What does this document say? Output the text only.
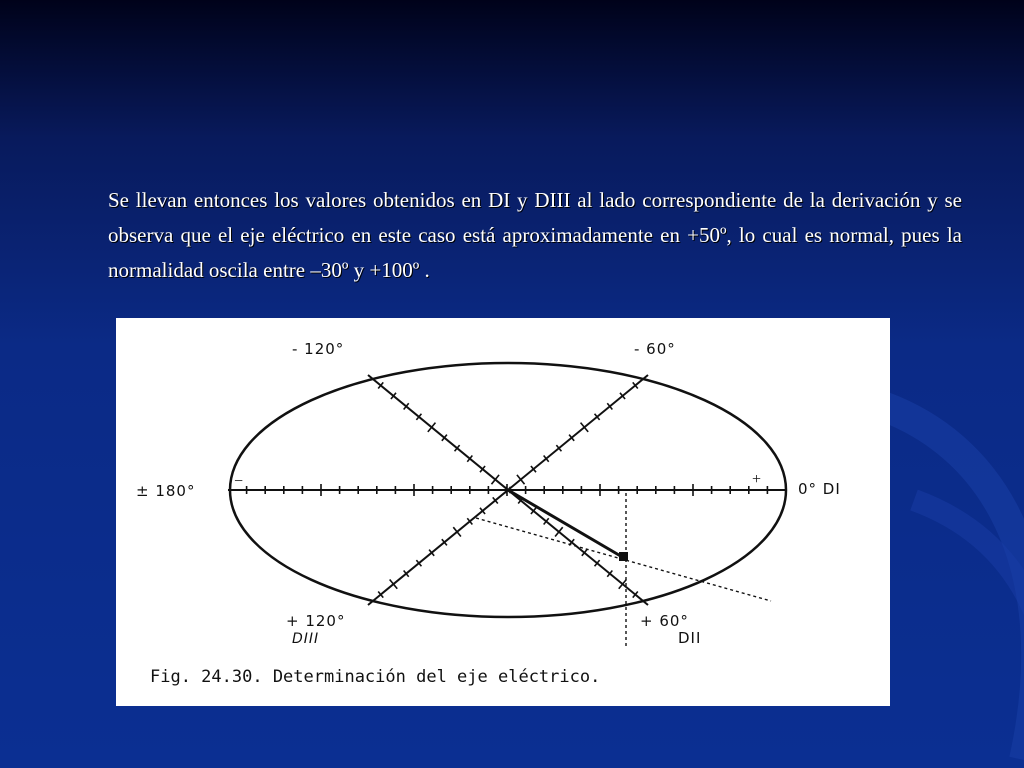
Se llevan entonces los valores obtenidos en DI y DIII al lado correspondiente de la derivación y se observa que el eje eléctrico en este caso está aproximadamente en +50º, lo cual es normal, pues la normalidad oscila entre –30º y +100º .

−	+
- 120°	- 60°
± 180°	0° DI
+ 120°
DIII
+ 60°
DII
Fig. 24.30. Determinación del eje eléctrico.
